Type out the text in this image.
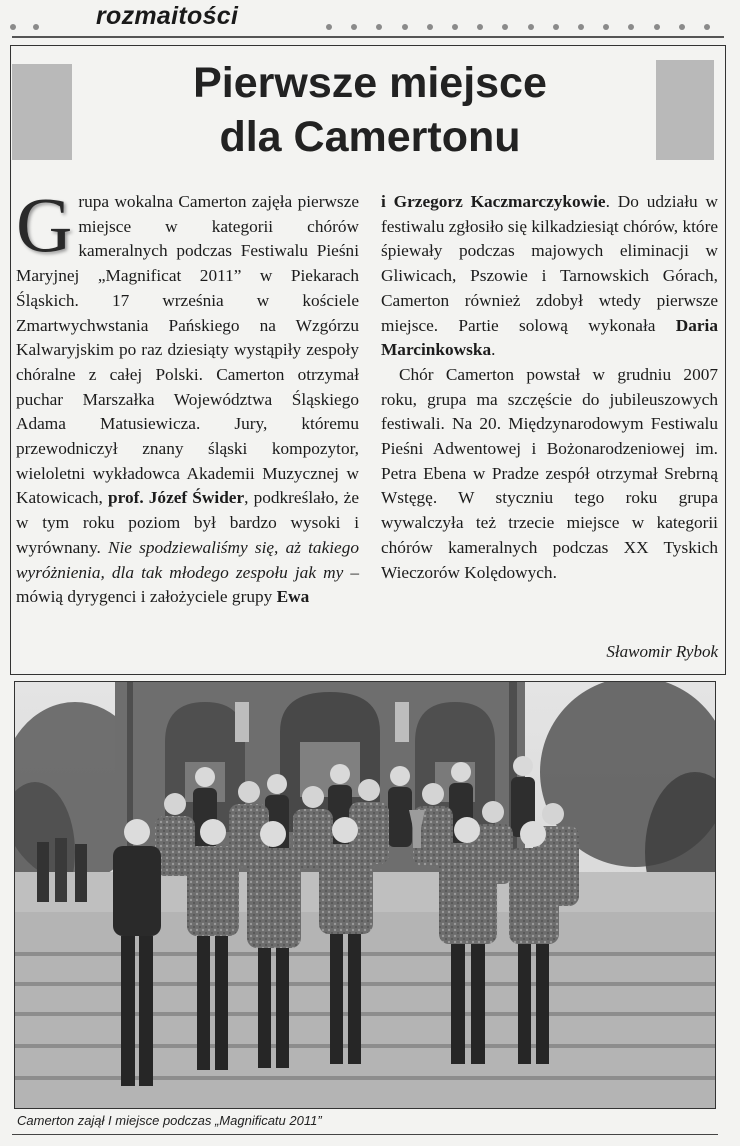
rozmaitości
Pierwsze miejsce
dla Camertonu

Grupa wokalna Camerton zajęła pierwsze miejsce w kategorii chórów kameralnych podczas Festiwalu Pieśni Maryjnej „Magnificat 2011” w Piekarach Śląskich. 17 września w kościele Zmartwychwstania Pańskiego na Wzgórzu Kalwaryjskim po raz dziesiąty wystąpiły zespoły chóralne z całej Polski. Camerton otrzymał puchar Marszałka Województwa Śląskiego Adama Matusiewicza. Jury, któremu przewodniczył znany śląski kompozytor, wieloletni wykładowca Akademii Muzycznej w Katowicach, prof. Józef Świder, podkreślało, że w tym roku poziom był bardzo wysoki i wyrównany. Nie spodziewaliśmy się, aż takiego wyróżnienia, dla tak młodego zespołu jak my – mówią dyrygenci i założyciele grupy Ewa

i Grzegorz Kaczmarczykowie. Do udziału w festiwalu zgłosiło się kilkadziesiąt chórów, które śpiewały podczas majowych eliminacji w Gliwicach, Pszowie i Tarnowskich Górach, Camerton również zdobył wtedy pierwsze miejsce. Partie solową wykonała Daria Marcinkowska.

Chór Camerton powstał w grudniu 2007 roku, grupa ma szczęście do jubileuszowych festiwali. Na 20. Międzynarodowym Festiwalu Pieśni Adwentowej i Bożonarodzeniowej im. Petra Ebena w Pradze zespół otrzymał Srebrną Wstęgę. W styczniu tego roku grupa wywalczyła też trzecie miejsce w kategorii chórów kameralnych podczas XX Tyskich Wieczorów Kolędowych.

Sławomir Rybok
Camerton zajął I miejsce podczas „Magnificatu 2011”
